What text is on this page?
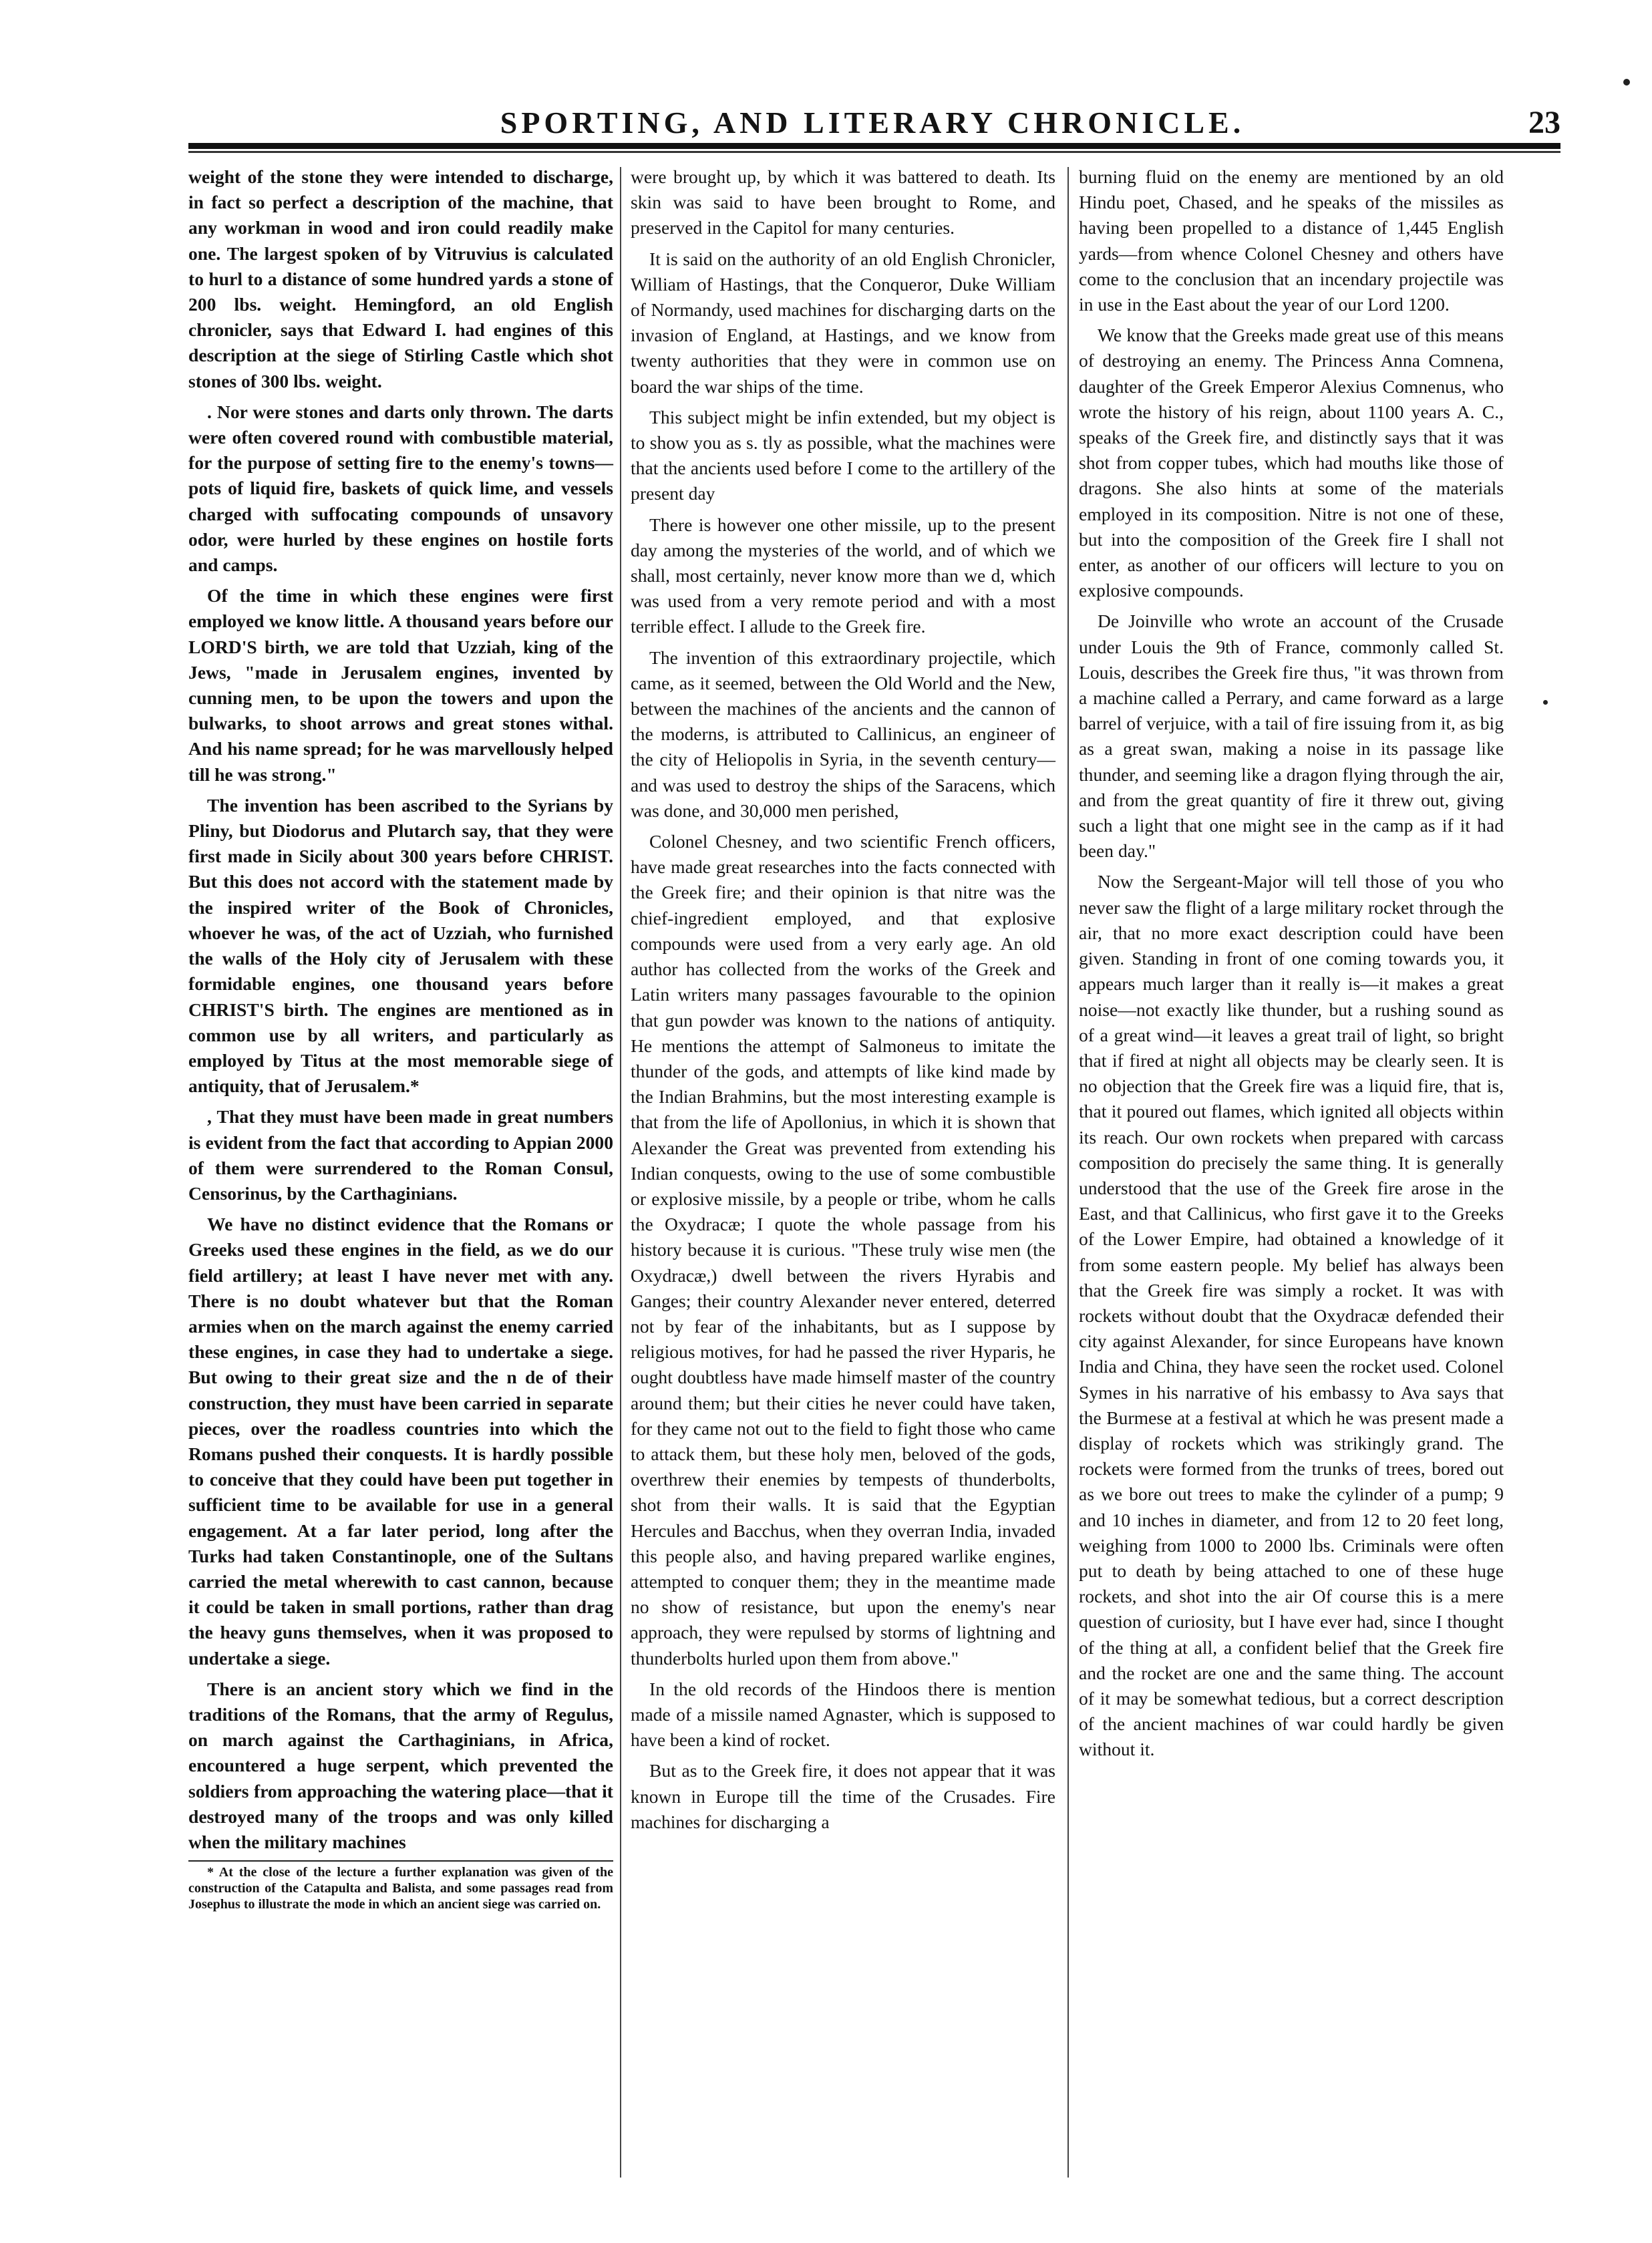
SPORTING, AND LITERARY CHRONICLE.	23

weight of the stone they were intended to discharge, in fact so perfect a description of the machine, that any workman in wood and iron could readily make one. The largest spoken of by Vitruvius is calculated to hurl to a distance of some hundred yards a stone of 200 lbs. weight. Hemingford, an old English chronicler, says that Edward I. had engines of this description at the siege of Stirling Castle which shot stones of 300 lbs. weight.

. Nor were stones and darts only thrown. The darts were often covered round with combustible material, for the purpose of setting fire to the enemy's towns—pots of liquid fire, baskets of quick lime, and vessels charged with suffocating compounds of unsavory odor, were hurled by these engines on hostile forts and camps.

Of the time in which these engines were first employed we know little. A thousand years before our LORD'S birth, we are told that Uzziah, king of the Jews, "made in Jerusalem engines, invented by cunning men, to be upon the towers and upon the bulwarks, to shoot arrows and great stones withal. And his name spread; for he was marvellously helped till he was strong."

The invention has been ascribed to the Syrians by Pliny, but Diodorus and Plutarch say, that they were first made in Sicily about 300 years before CHRIST. But this does not accord with the statement made by the inspired writer of the Book of Chronicles, whoever he was, of the act of Uzziah, who furnished the walls of the Holy city of Jerusalem with these formidable engines, one thousand years before CHRIST'S birth. The engines are mentioned as in common use by all writers, and particularly as employed by Titus at the most memorable siege of antiquity, that of Jerusalem.*

, That they must have been made in great numbers is evident from the fact that according to Appian 2000 of them were surrendered to the Roman Consul, Censorinus, by the Carthaginians.

We have no distinct evidence that the Romans or Greeks used these engines in the field, as we do our field artillery; at least I have never met with any. There is no doubt whatever but that the Roman armies when on the march against the enemy carried these engines, in case they had to undertake a siege. But owing to their great size and the n de of their construction, they must have been carried in separate pieces, over the roadless countries into which the Romans pushed their conquests. It is hardly possible to conceive that they could have been put together in sufficient time to be available for use in a general engagement. At a far later period, long after the Turks had taken Constantinople, one of the Sultans carried the metal wherewith to cast cannon, because it could be taken in small portions, rather than drag the heavy guns themselves, when it was proposed to undertake a siege.

There is an ancient story which we find in the traditions of the Romans, that the army of Regulus, on march against the Carthaginians, in Africa, encountered a huge serpent, which prevented the soldiers from approaching the watering place—that it destroyed many of the troops and was only killed when the military machines

* At the close of the lecture a further explanation was given of the construction of the Catapulta and Balista, and some passages read from Josephus to illustrate the mode in which an ancient siege was carried on.

were brought up, by which it was battered to death. Its skin was said to have been brought to Rome, and preserved in the Capitol for many centuries.

It is said on the authority of an old English Chronicler, William of Hastings, that the Conqueror, Duke William of Normandy, used machines for discharging darts on the invasion of England, at Hastings, and we know from twenty authorities that they were in common use on board the war ships of the time.

This subject might be infin extended, but my object is to show you as s. tly as possible, what the machines were that the ancients used before I come to the artillery of the present day

There is however one other missile, up to the present day among the mysteries of the world, and of which we shall, most certainly, never know more than we d, which was used from a very remote period and with a most terrible effect. I allude to the Greek fire.

The invention of this extraordinary projectile, which came, as it seemed, between the Old World and the New, between the machines of the ancients and the cannon of the moderns, is attributed to Callinicus, an engineer of the city of Heliopolis in Syria, in the seventh century—and was used to destroy the ships of the Saracens, which was done, and 30,000 men perished,

Colonel Chesney, and two scientific French officers, have made great researches into the facts connected with the Greek fire; and their opinion is that nitre was the chief-ingredient employed, and that explosive compounds were used from a very early age. An old author has collected from the works of the Greek and Latin writers many passages favourable to the opinion that gun powder was known to the nations of antiquity. He mentions the attempt of Salmoneus to imitate the thunder of the gods, and attempts of like kind made by the Indian Brahmins, but the most interesting example is that from the life of Apollonius, in which it is shown that Alexander the Great was prevented from extending his Indian conquests, owing to the use of some combustible or explosive missile, by a people or tribe, whom he calls the Oxydracæ; I quote the whole passage from his history because it is curious. "These truly wise men (the Oxydracæ,) dwell between the rivers Hyrabis and Ganges; their country Alexander never entered, deterred not by fear of the inhabitants, but as I suppose by religious motives, for had he passed the river Hyparis, he ought doubtless have made himself master of the country around them; but their cities he never could have taken, for they came not out to the field to fight those who came to attack them, but these holy men, beloved of the gods, overthrew their enemies by tempests of thunderbolts, shot from their walls. It is said that the Egyptian Hercules and Bacchus, when they overran India, invaded this people also, and having prepared warlike engines, attempted to conquer them; they in the meantime made no show of resistance, but upon the enemy's near approach, they were repulsed by storms of lightning and thunderbolts hurled upon them from above."

In the old records of the Hindoos there is mention made of a missile named Agnaster, which is supposed to have been a kind of rocket.

But as to the Greek fire, it does not appear that it was known in Europe till the time of the Crusades. Fire machines for discharging a

burning fluid on the enemy are mentioned by an old Hindu poet, Chased, and he speaks of the missiles as having been propelled to a distance of 1,445 English yards—from whence Colonel Chesney and others have come to the conclusion that an incendary projectile was in use in the East about the year of our Lord 1200.

We know that the Greeks made great use of this means of destroying an enemy. The Princess Anna Comnena, daughter of the Greek Emperor Alexius Comnenus, who wrote the history of his reign, about 1100 years A. C., speaks of the Greek fire, and distinctly says that it was shot from copper tubes, which had mouths like those of dragons. She also hints at some of the materials employed in its composition. Nitre is not one of these, but into the composition of the Greek fire I shall not enter, as another of our officers will lecture to you on explosive compounds.

De Joinville who wrote an account of the Crusade under Louis the 9th of France, commonly called St. Louis, describes the Greek fire thus, "it was thrown from a machine called a Perrary, and came forward as a large barrel of verjuice, with a tail of fire issuing from it, as big as a great swan, making a noise in its passage like thunder, and seeming like a dragon flying through the air, and from the great quantity of fire it threw out, giving such a light that one might see in the camp as if it had been day."

Now the Sergeant-Major will tell those of you who never saw the flight of a large military rocket through the air, that no more exact description could have been given. Standing in front of one coming towards you, it appears much larger than it really is—it makes a great noise—not exactly like thunder, but a rushing sound as of a great wind—it leaves a great trail of light, so bright that if fired at night all objects may be clearly seen. It is no objection that the Greek fire was a liquid fire, that is, that it poured out flames, which ignited all objects within its reach. Our own rockets when prepared with carcass composition do precisely the same thing. It is generally understood that the use of the Greek fire arose in the East, and that Callinicus, who first gave it to the Greeks of the Lower Empire, had obtained a knowledge of it from some eastern people. My belief has always been that the Greek fire was simply a rocket. It was with rockets without doubt that the Oxydracæ defended their city against Alexander, for since Europeans have known India and China, they have seen the rocket used. Colonel Symes in his narrative of his embassy to Ava says that the Burmese at a festival at which he was present made a display of rockets which was strikingly grand. The rockets were formed from the trunks of trees, bored out as we bore out trees to make the cylinder of a pump; 9 and 10 inches in diameter, and from 12 to 20 feet long, weighing from 1000 to 2000 lbs. Criminals were often put to death by being attached to one of these huge rockets, and shot into the air Of course this is a mere question of curiosity, but I have ever had, since I thought of the thing at all, a confident belief that the Greek fire and the rocket are one and the same thing. The account of it may be somewhat tedious, but a correct description of the ancient machines of war could hardly be given without it.
